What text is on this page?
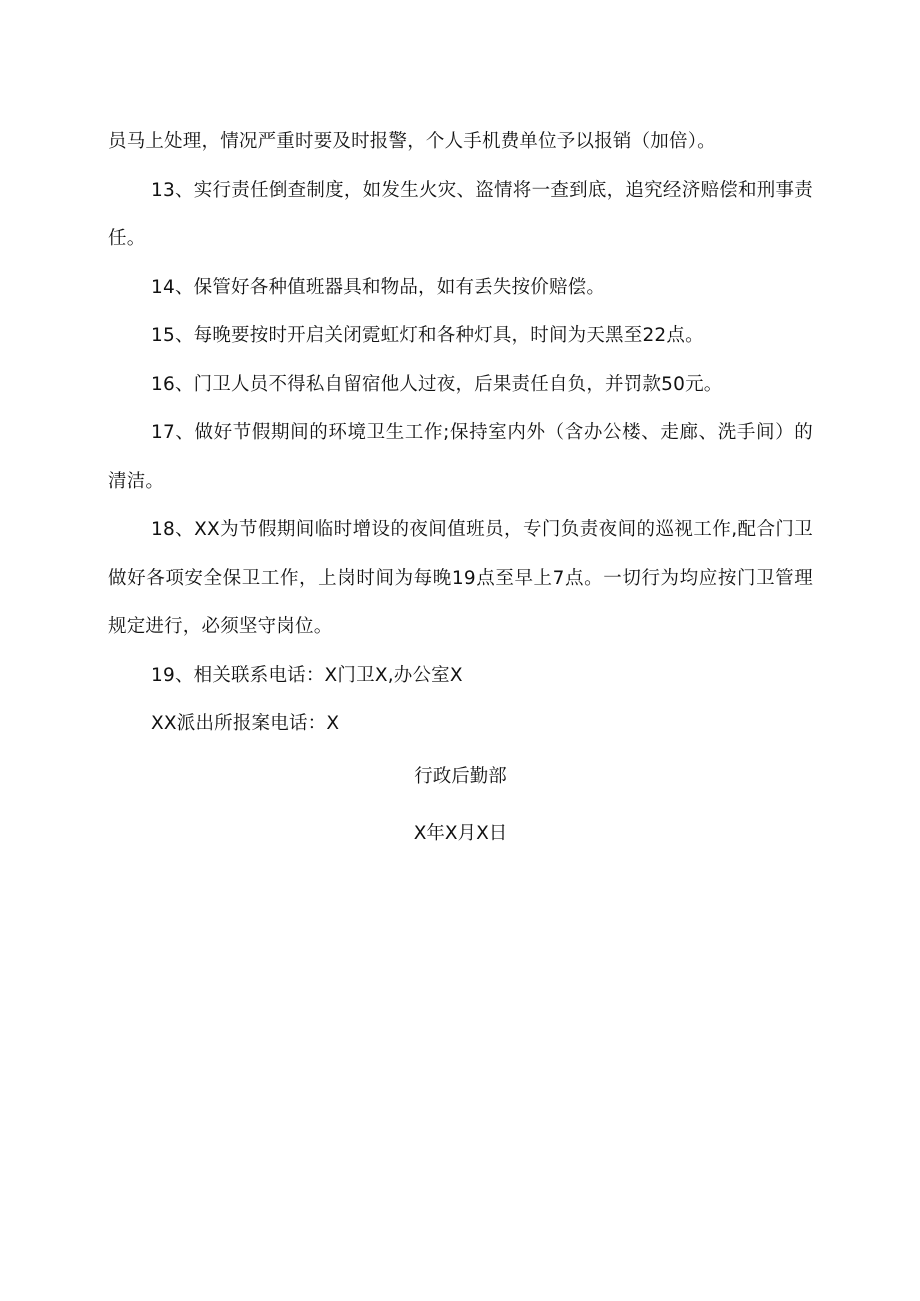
员马上处理，情况严重时要及时报警，个人手机费单位予以报销（加倍）。

13、实行责任倒查制度，如发生火灾、盗情将一查到底，追究经济赔偿和刑事责任。

14、保管好各种值班器具和物品，如有丢失按价赔偿。

15、每晚要按时开启关闭霓虹灯和各种灯具，时间为天黑至22点。

16、门卫人员不得私自留宿他人过夜，后果责任自负，并罚款50元。

17、做好节假期间的环境卫生工作;保持室内外（含办公楼、走廊、洗手间）的清洁。

18、XX为节假期间临时增设的夜间值班员，专门负责夜间的巡视工作,配合门卫做好各项安全保卫工作，上岗时间为每晚19点至早上7点。一切行为均应按门卫管理规定进行，必须坚守岗位。

19、相关联系电话：X门卫X,办公室X

XX派出所报案电话：X

行政后勤部

X年X月X日
